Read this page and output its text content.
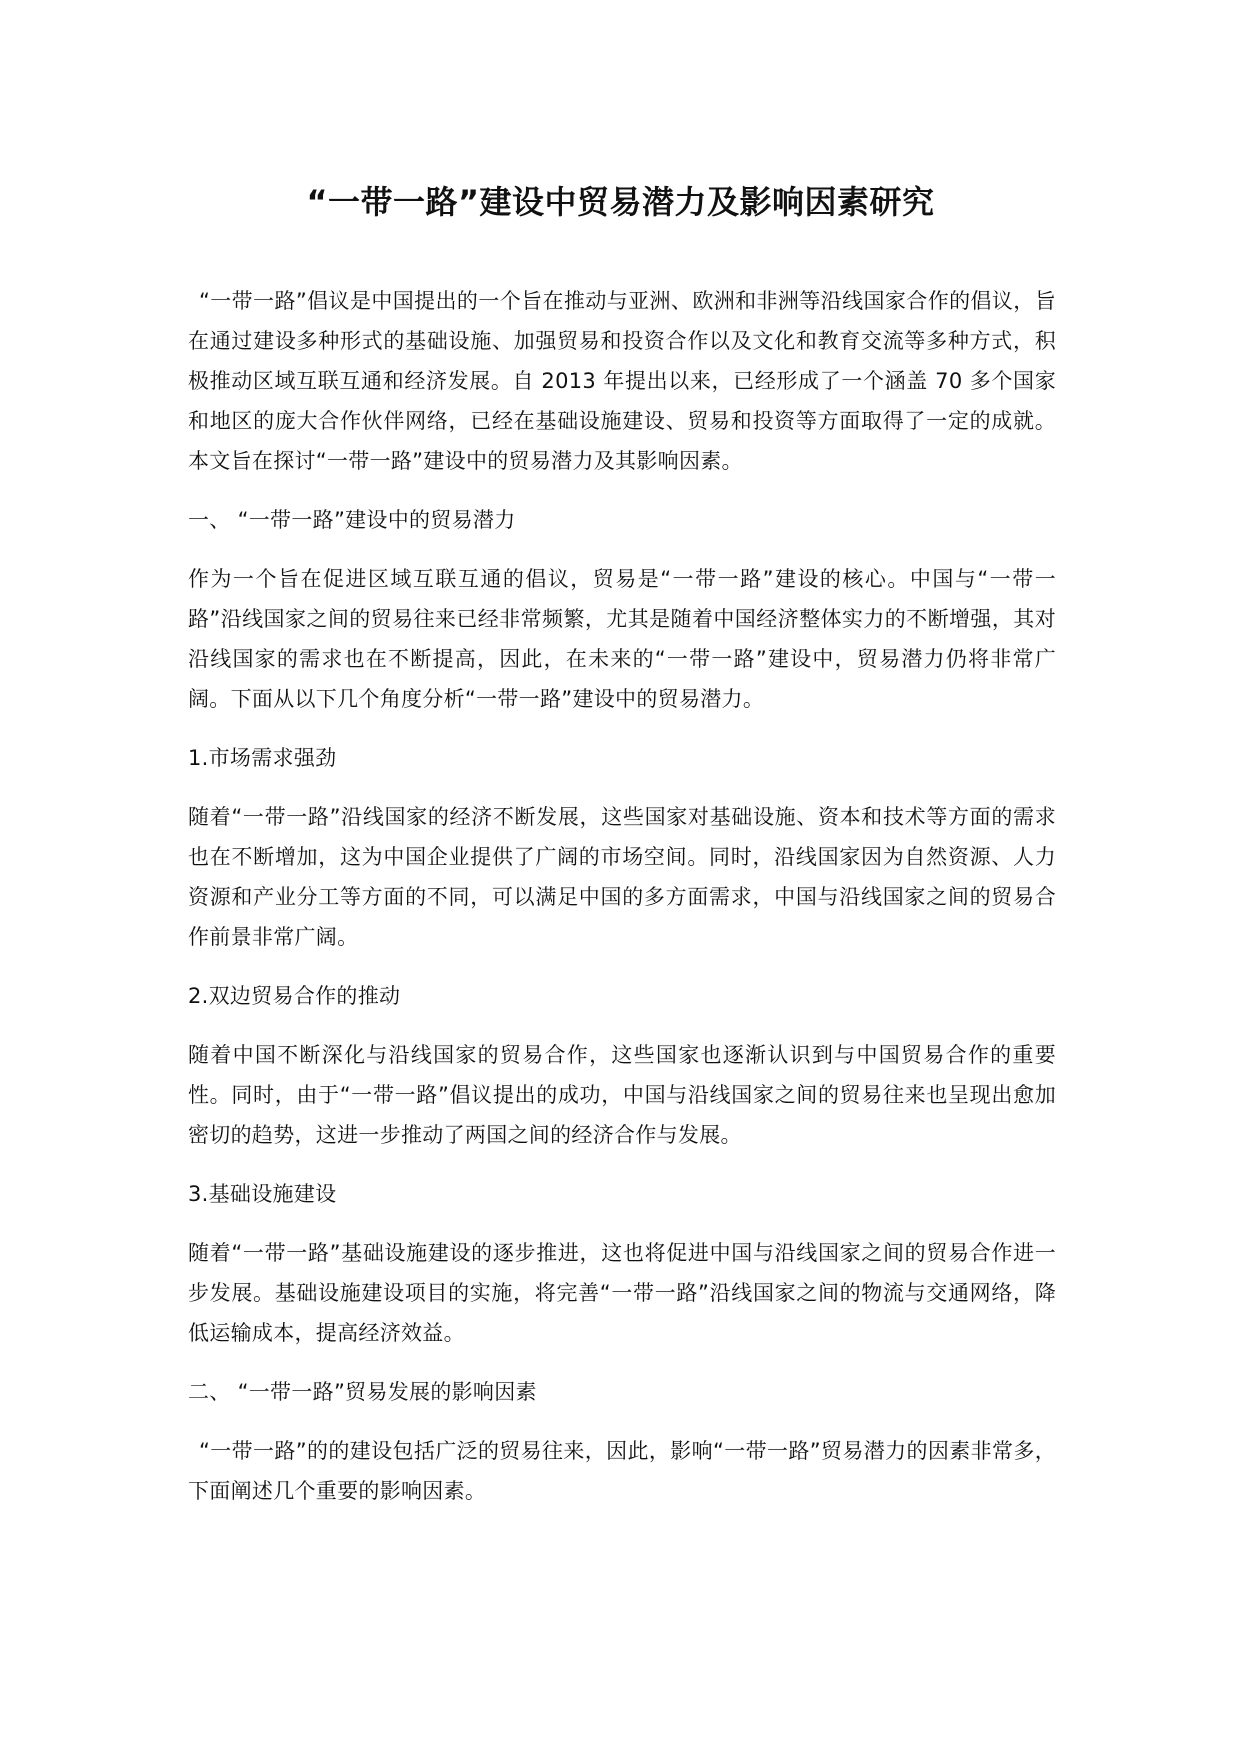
“一带一路”建设中贸易潜力及影响因素研究

“一带一路”倡议是中国提出的一个旨在推动与亚洲、欧洲和非洲等沿线国家合作的倡议，旨在通过建设多种形式的基础设施、加强贸易和投资合作以及文化和教育交流等多种方式，积极推动区域互联互通和经济发展。自 2013 年提出以来，已经形成了一个涵盖 70 多个国家和地区的庞大合作伙伴网络，已经在基础设施建设、贸易和投资等方面取得了一定的成就。本文旨在探讨“一带一路”建设中的贸易潜力及其影响因素。

一、 “一带一路”建设中的贸易潜力

作为一个旨在促进区域互联互通的倡议，贸易是“一带一路”建设的核心。中国与“一带一路”沿线国家之间的贸易往来已经非常频繁，尤其是随着中国经济整体实力的不断增强，其对沿线国家的需求也在不断提高，因此，在未来的“一带一路”建设中，贸易潜力仍将非常广阔。下面从以下几个角度分析“一带一路”建设中的贸易潜力。

1.市场需求强劲

随着“一带一路”沿线国家的经济不断发展，这些国家对基础设施、资本和技术等方面的需求也在不断增加，这为中国企业提供了广阔的市场空间。同时，沿线国家因为自然资源、人力资源和产业分工等方面的不同，可以满足中国的多方面需求，中国与沿线国家之间的贸易合作前景非常广阔。

2.双边贸易合作的推动

随着中国不断深化与沿线国家的贸易合作，这些国家也逐渐认识到与中国贸易合作的重要性。同时，由于“一带一路”倡议提出的成功，中国与沿线国家之间的贸易往来也呈现出愈加密切的趋势，这进一步推动了两国之间的经济合作与发展。

3.基础设施建设

随着“一带一路”基础设施建设的逐步推进，这也将促进中国与沿线国家之间的贸易合作进一步发展。基础设施建设项目的实施，将完善“一带一路”沿线国家之间的物流与交通网络，降低运输成本，提高经济效益。

二、 “一带一路”贸易发展的影响因素

“一带一路”的的建设包括广泛的贸易往来，因此，影响“一带一路”贸易潜力的因素非常多，下面阐述几个重要的影响因素。
